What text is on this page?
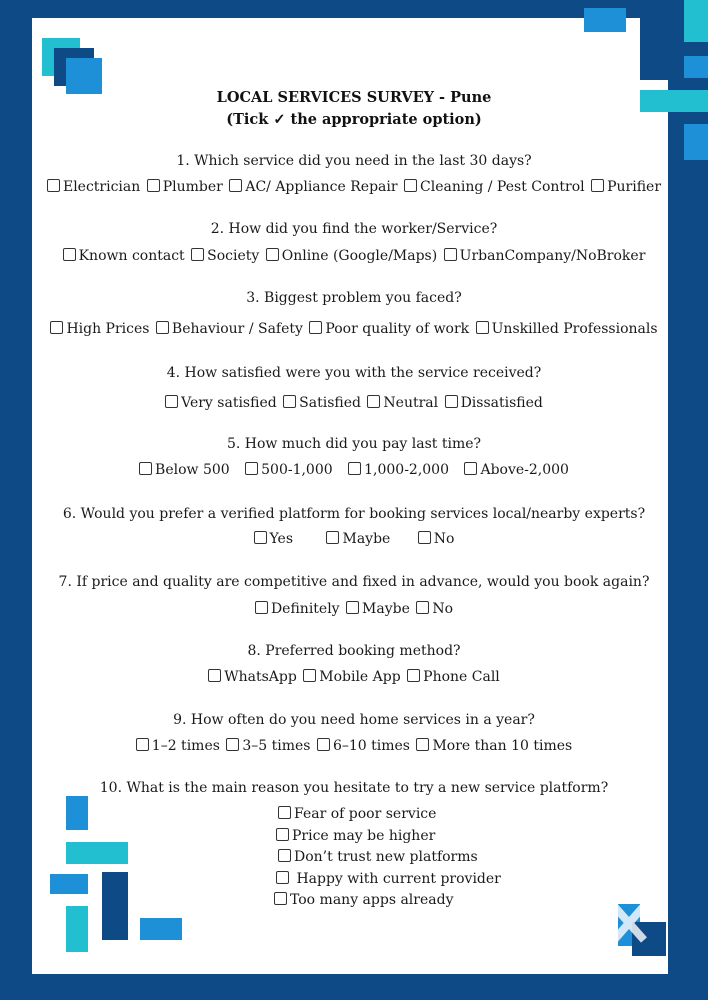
LOCAL SERVICES SURVEY - Pune
(Tick ✓ the appropriate option)
1. Which service did you need in the last 30 days?
Electrician Plumber AC/ Appliance Repair Cleaning / Pest Control Purifier
2. How did you find the worker/Service?
Known contact Society Online (Google/Maps) UrbanCompany/NoBroker
3. Biggest problem you faced?
High Prices Behaviour / Safety Poor quality of work Unskilled Professionals
4. How satisfied were you with the service received?
Very satisfied Satisfied Neutral Dissatisfied
5. How much did you pay last time?
Below 500 500-1,000 1,000-2,000 Above-2,000
6. Would you prefer a verified platform for booking services local/nearby experts?
Yes	Maybe	No
7. If price and quality are competitive and fixed in advance, would you book again?
Definitely Maybe No
8. Preferred booking method?
WhatsApp Mobile App Phone Call
9. How often do you need home services in a year?
1–2 times 3–5 times 6–10 times More than 10 times
10. What is the main reason you hesitate to try a new service platform?
Fear of poor service
Price may be higher
Don’t trust new platforms
Happy with current provider
Too many apps already
